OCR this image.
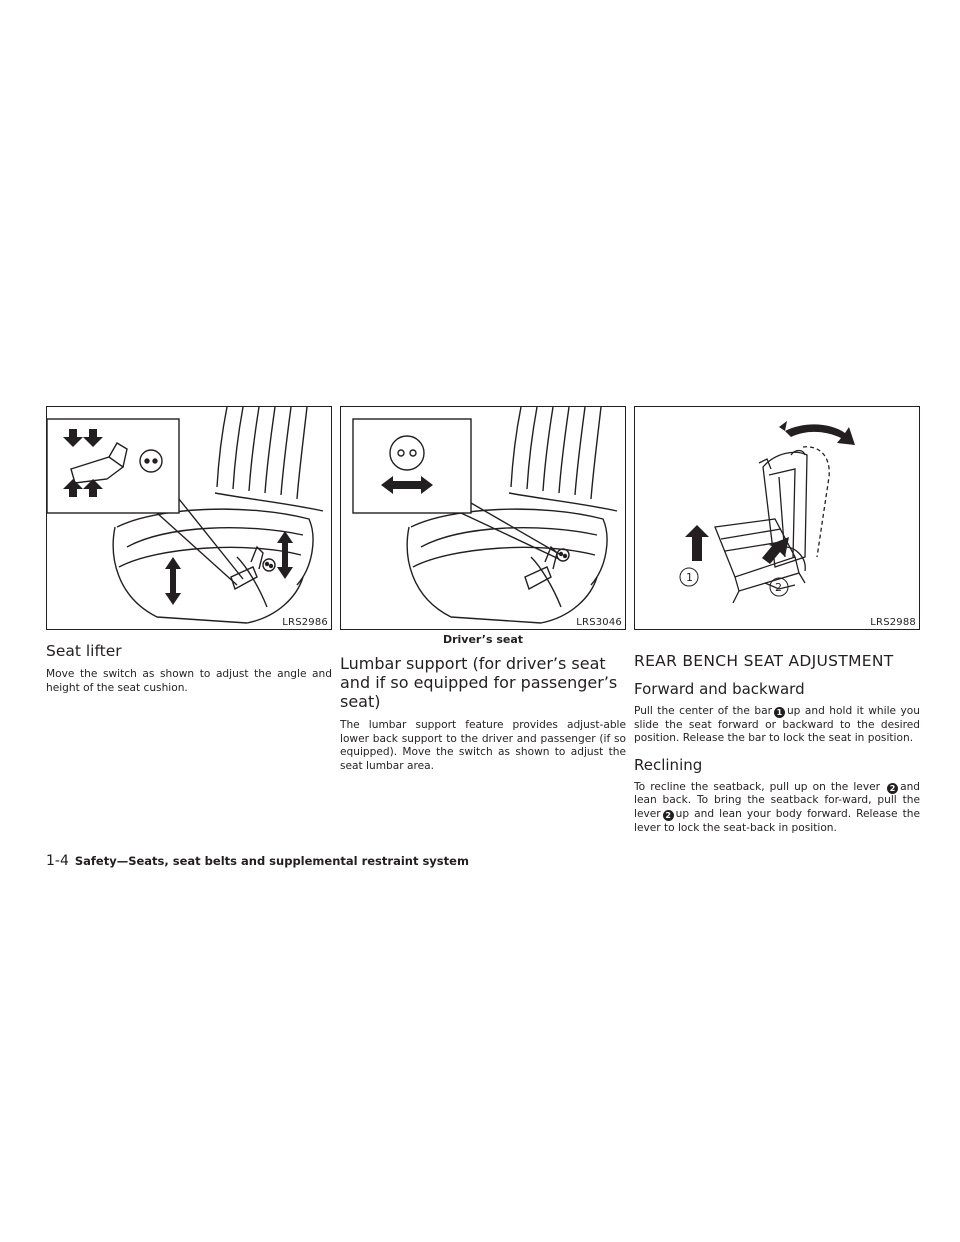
LRS2986
Seat lifter

Move the switch as shown to adjust the angle and height of the seat cushion.

LRS3046
Driver’s seat
Lumbar support (for driver’s seat and if so equipped for passenger’s seat)

The lumbar support feature provides adjust-able lower back support to the driver and passenger (if so equipped). Move the switch as shown to adjust the seat lumbar area.

1
2
LRS2988
REAR BENCH SEAT ADJUSTMENT
Forward and backward

Pull the center of the bar 1 up and hold it while you slide the seat forward or backward to the desired position. Release the bar to lock the seat in position.

Reclining

To recline the seatback, pull up on the lever 2 and lean back. To bring the seatback for-ward, pull the lever 2 up and lean your body forward. Release the lever to lock the seat-back in position.

1-4 Safety—Seats, seat belts and supplemental restraint system
